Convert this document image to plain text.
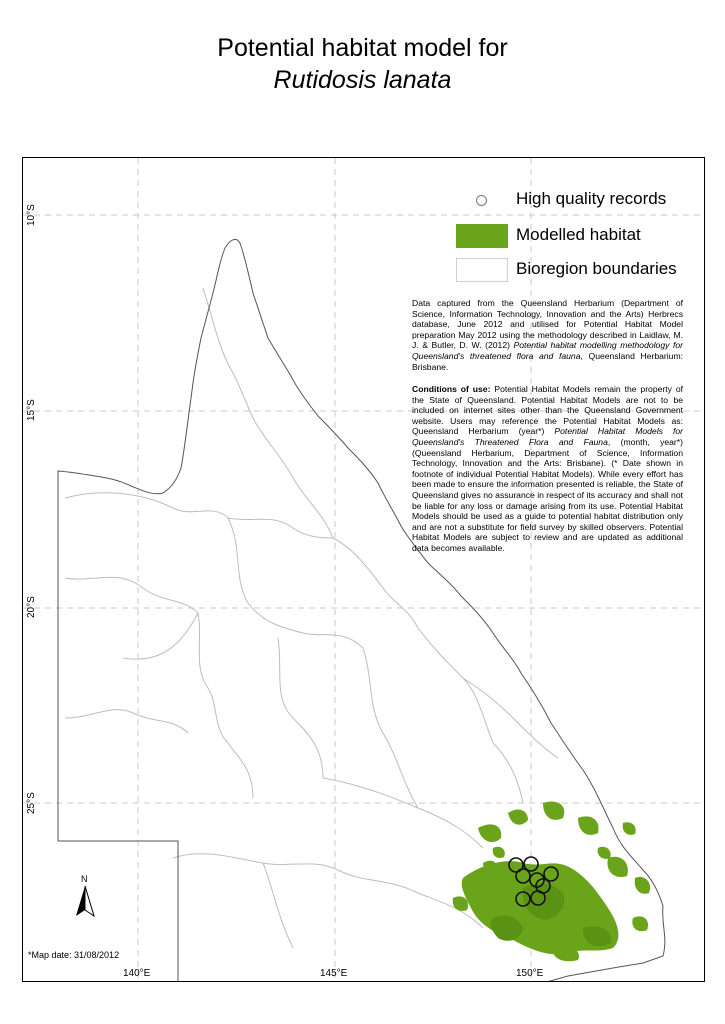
Potential habitat model for
Rutidosis lanata
10°S
15°S
20°S
25°S
140°E	145°E	150°E
High quality records
Modelled habitat
Bioregion boundaries
Data captured from the Queensland Herbarium (Department of Science, Information Technology, Innovation and the Arts) Herbrecs database, June 2012 and utilised for Potential Habitat Model preparation May 2012 using the methodology described in Laidlaw, M. J. & Butler, D. W. (2012) Potential habitat modelling methodology for Queensland's threatened flora and fauna, Queensland Herbarium: Brisbane.
Conditions of use: Potential Habitat Models remain the property of the State of Queensland. Potential Habitat Models are not to be included on internet sites other than the Queensland Government website. Users may reference the Potential Habitat Models as: Queensland Herbarium (year*) Potential Habitat Models for Queensland's Threatened Flora and Fauna, (month, year*) (Queensland Herbarium, Department of Science, Information Technology, Innovation and the Arts: Brisbane). (* Date shown in footnote of individual Potential Habitat Models). While every effort has been made to ensure the information presented is reliable, the State of Queensland gives no assurance in respect of its accuracy and shall not be liable for any loss or damage arising from its use. Potential Habitat Models should be used as a guide to potential habitat distribution only and are not a substitute for field survey by skilled observers. Potential Habitat Models are subject to review and are updated as additional data becomes available.
N
*Map date: 31/08/2012
